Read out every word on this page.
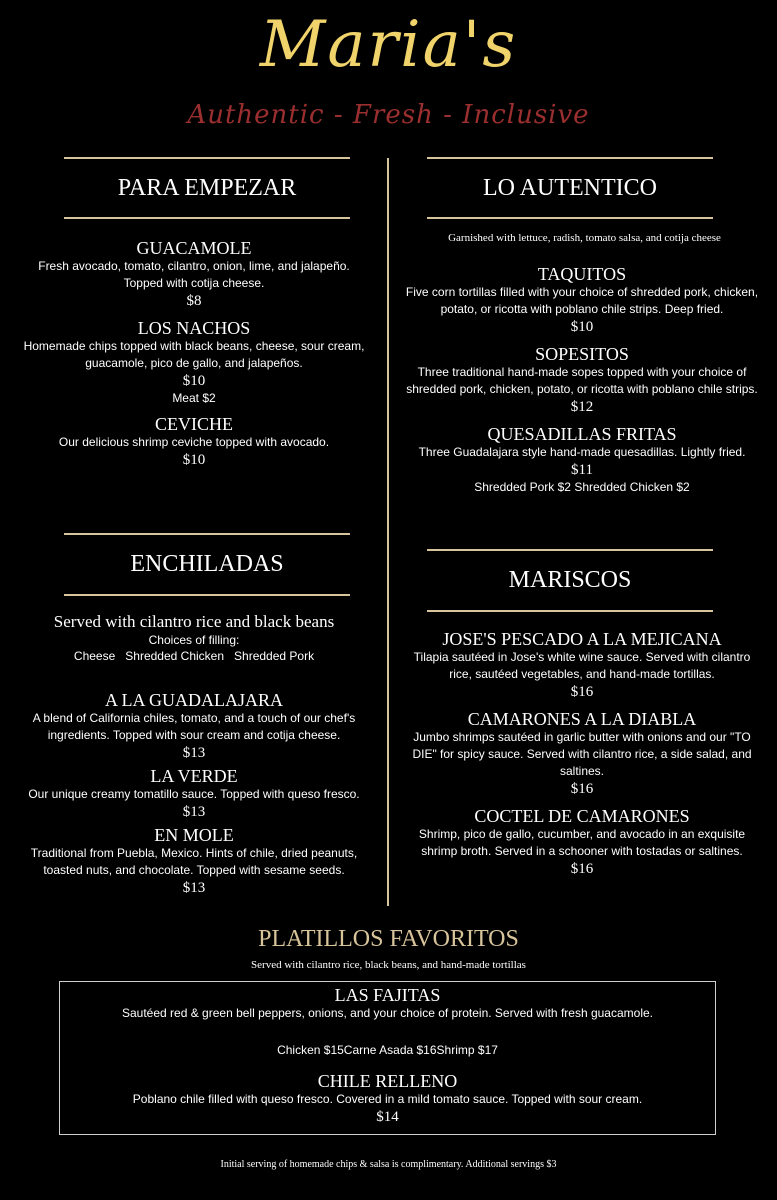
Maria's
Authentic - Fresh - Inclusive
PARA EMPEZAR

GUACAMOLE

Fresh avocado, tomato, cilantro, onion, lime, and jalapeño. Topped with cotija cheese.

$8

LOS NACHOS

Homemade chips topped with black beans, cheese, sour cream, guacamole, pico de gallo, and jalapeños.

$10

Meat $2

CEVICHE

Our delicious shrimp ceviche topped with avocado.

$10

LO AUTENTICO
Garnished with lettuce, radish, tomato salsa, and cotija cheese

TAQUITOS

Five corn tortillas filled with your choice of shredded pork, chicken, potato, or ricotta with poblano chile strips. Deep fried.

$10

SOPESITOS

Three traditional hand-made sopes topped with your choice of shredded pork, chicken, potato, or ricotta with poblano chile strips.

$12

QUESADILLAS FRITAS

Three Guadalajara style hand-made quesadillas. Lightly fried.

$11

Shredded Pork $2 Shredded Chicken $2

ENCHILADAS

Served with cilantro rice and black beans

Choices of filling:

Cheese   Shredded Chicken   Shredded Pork

A LA GUADALAJARA

A blend of California chiles, tomato, and a touch of our chef's ingredients. Topped with sour cream and cotija cheese.

$13

LA VERDE

Our unique creamy tomatillo sauce. Topped with queso fresco.

$13

EN MOLE

Traditional from Puebla, Mexico. Hints of chile, dried peanuts, toasted nuts, and chocolate. Topped with sesame seeds.

$13

MARISCOS

JOSE'S PESCADO A LA MEJICANA

Tilapia sautéed in Jose's white wine sauce. Served with cilantro rice, sautéed vegetables, and hand-made tortillas.

$16

CAMARONES A LA DIABLA

Jumbo shrimps sautéed in garlic butter with onions and our "TO DIE" for spicy sauce. Served with cilantro rice, a side salad, and saltines.

$16

COCTEL DE CAMARONES

Shrimp, pico de gallo, cucumber, and avocado in an exquisite shrimp broth. Served in a schooner with tostadas or saltines.

$16

PLATILLOS FAVORITOS
Served with cilantro rice, black beans, and hand-made tortillas

LAS FAJITAS

Sautéed red & green bell peppers, onions, and your choice of protein. Served with fresh guacamole.

Chicken $15Carne Asada $16Shrimp $17

CHILE RELLENO

Poblano chile filled with queso fresco. Covered in a mild tomato sauce. Topped with sour cream.

$14

Initial serving of homemade chips & salsa is complimentary. Additional servings $3
